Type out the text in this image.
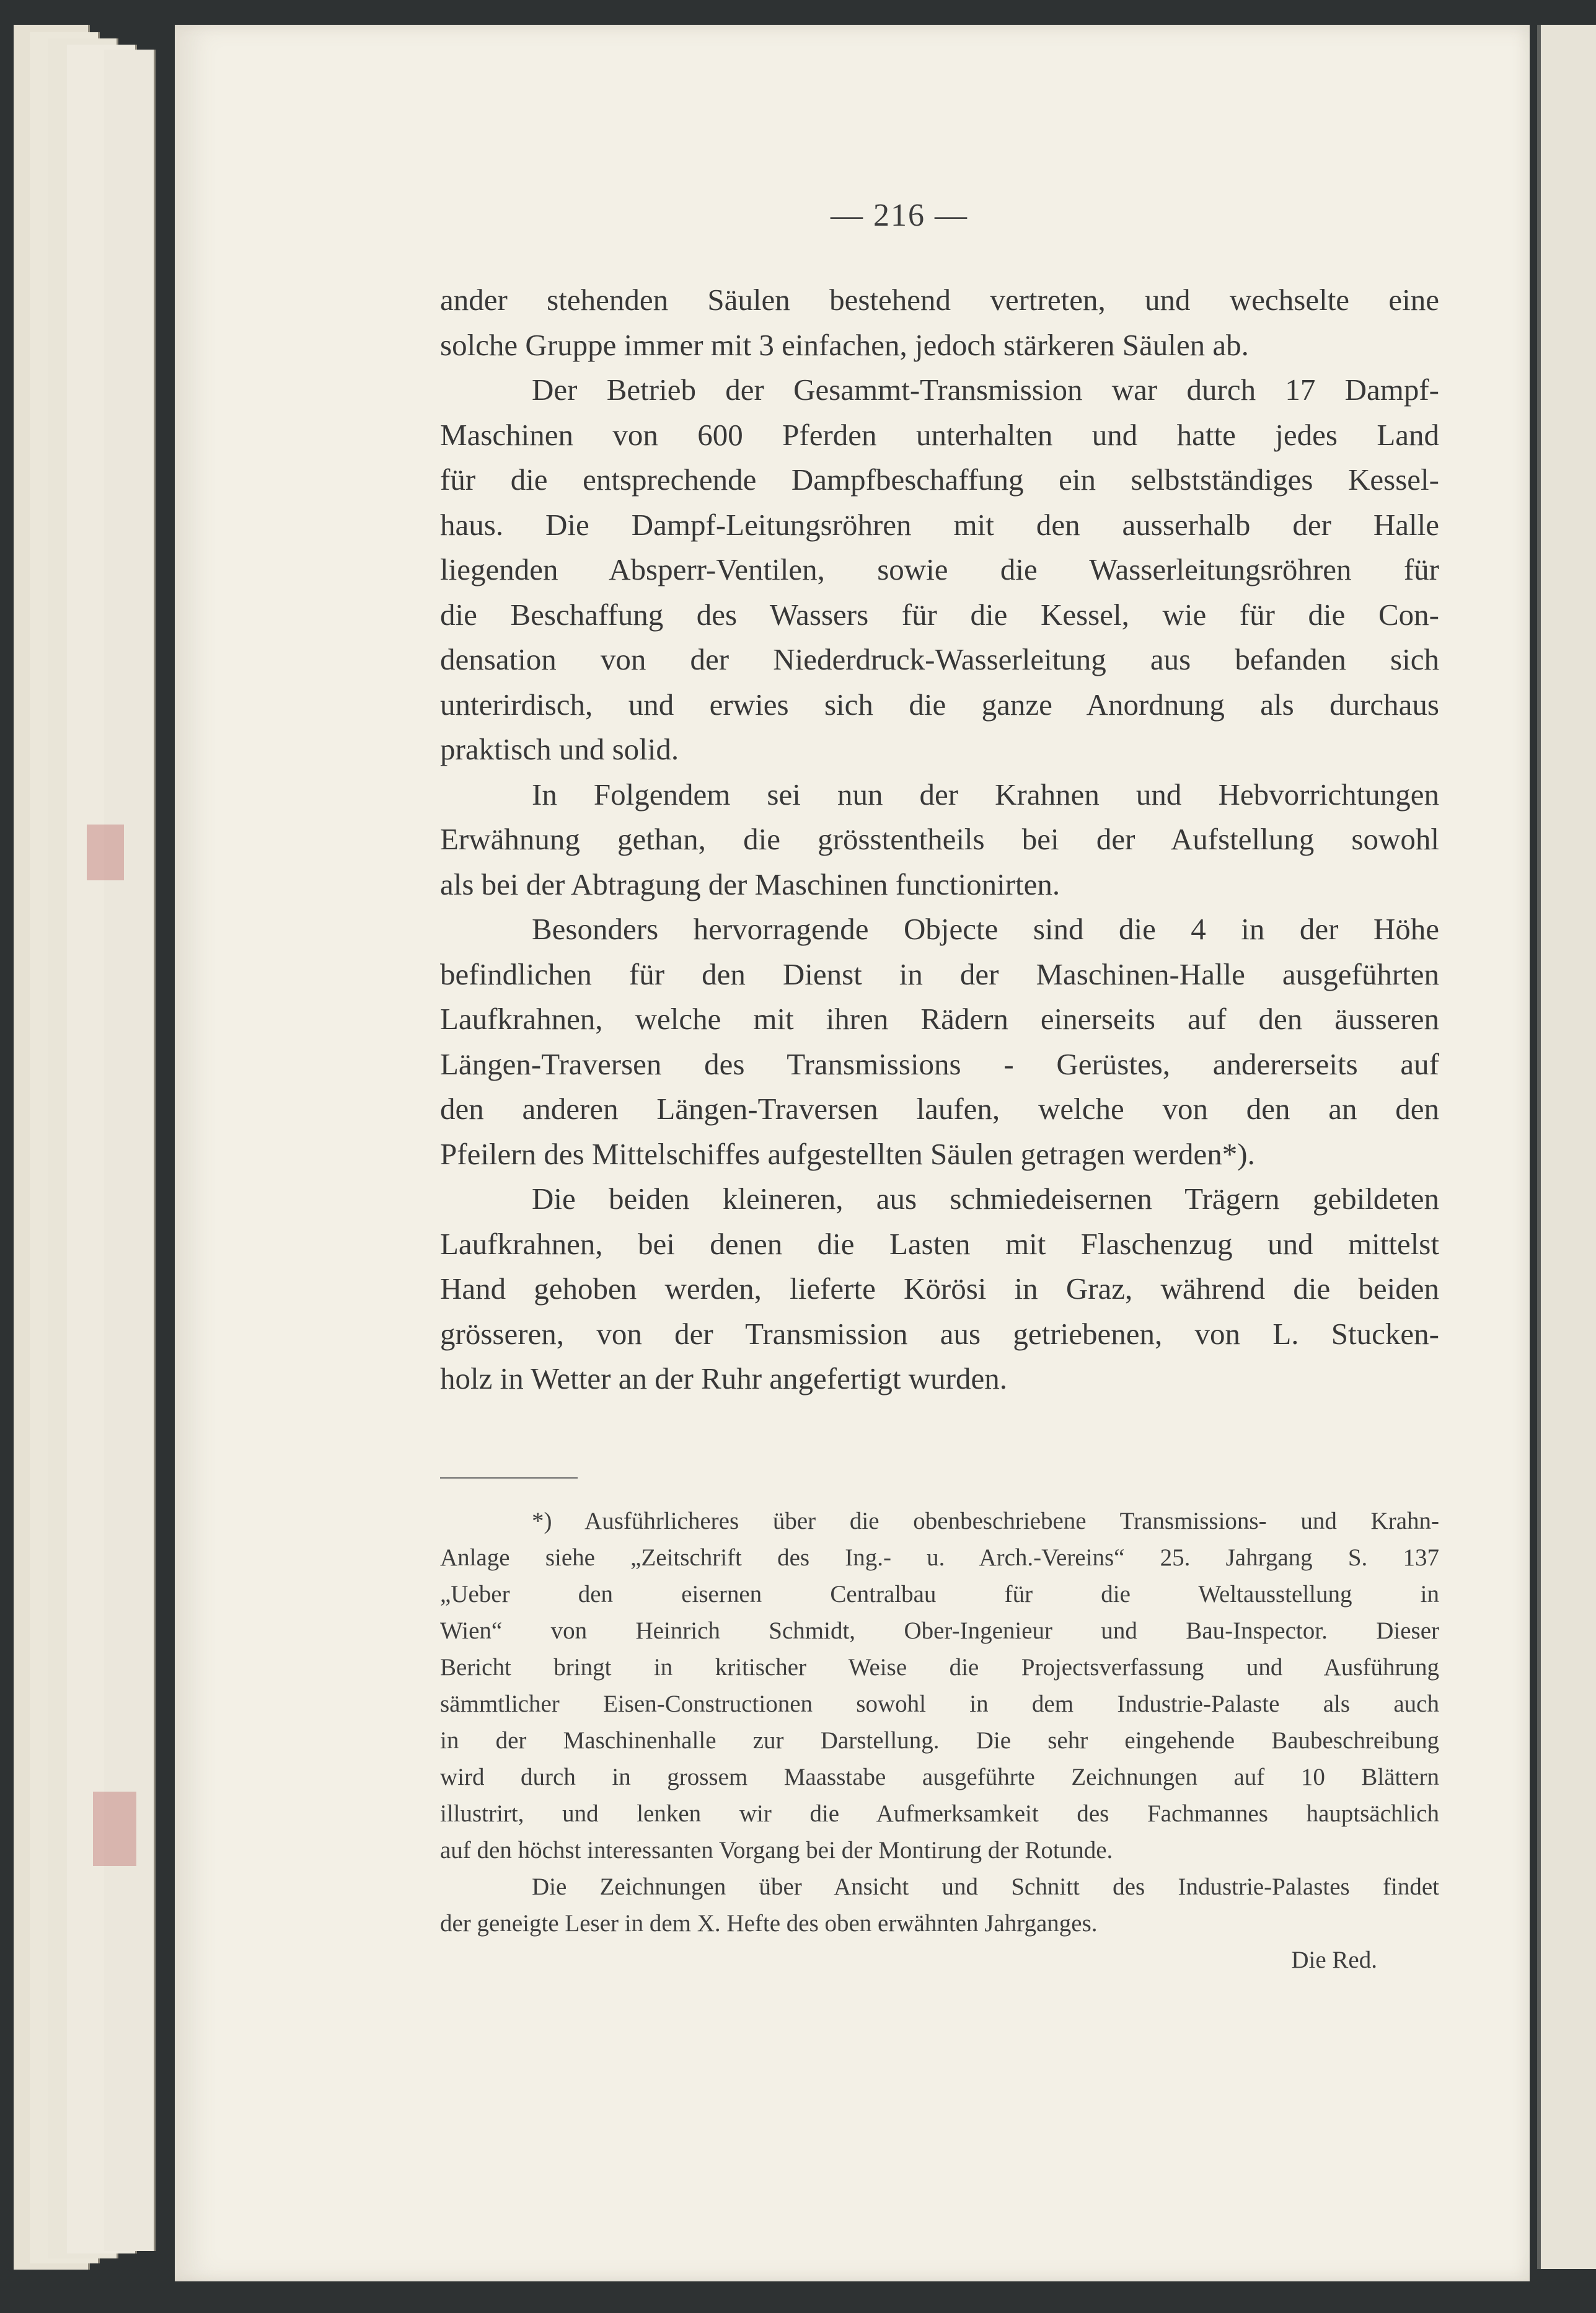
— 216 —
ander stehenden Säulen bestehend vertreten, und wechselte eine
solche Gruppe immer mit 3 einfachen, jedoch stärkeren Säulen ab.
Der Betrieb der Gesammt-Transmission war durch 17 Dampf-
Maschinen von 600 Pferden unterhalten und hatte jedes Land
für die entsprechende Dampfbeschaffung ein selbstständiges Kessel-
haus. Die Dampf-Leitungsröhren mit den ausserhalb der Halle
liegenden Absperr-Ventilen, sowie die Wasserleitungsröhren für
die Beschaffung des Wassers für die Kessel, wie für die Con-
densation von der Niederdruck-Wasserleitung aus befanden sich
unterirdisch, und erwies sich die ganze Anordnung als durchaus
praktisch und solid.
In Folgendem sei nun der Krahnen und Hebvorrichtungen
Erwähnung gethan, die grösstentheils bei der Aufstellung sowohl
als bei der Abtragung der Maschinen functionirten.
Besonders hervorragende Objecte sind die 4 in der Höhe
befindlichen für den Dienst in der Maschinen-Halle ausgeführten
Laufkrahnen, welche mit ihren Rädern einerseits auf den äusseren
Längen-Traversen des Transmissions - Gerüstes, andererseits auf
den anderen Längen-Traversen laufen, welche von den an den
Pfeilern des Mittelschiffes aufgestellten Säulen getragen werden*).
Die beiden kleineren, aus schmiedeisernen Trägern gebildeten
Laufkrahnen, bei denen die Lasten mit Flaschenzug und mittelst
Hand gehoben werden, lieferte Körösi in Graz, während die beiden
grösseren, von der Transmission aus getriebenen, von L. Stucken-
holz in Wetter an der Ruhr angefertigt wurden.
*) Ausführlicheres über die obenbeschriebene Transmissions- und Krahn-
Anlage siehe „Zeitschrift des Ing.- u. Arch.-Vereins“ 25. Jahrgang S. 137
„Ueber den eisernen Centralbau für die Weltausstellung in
Wien“ von Heinrich Schmidt, Ober-Ingenieur und Bau-Inspector. Dieser
Bericht bringt in kritischer Weise die Projectsverfassung und Ausführung
sämmtlicher Eisen-Constructionen sowohl in dem Industrie-Palaste als auch
in der Maschinenhalle zur Darstellung. Die sehr eingehende Baubeschreibung
wird durch in grossem Maasstabe ausgeführte Zeichnungen auf 10 Blättern
illustrirt, und lenken wir die Aufmerksamkeit des Fachmannes hauptsächlich
auf den höchst interessanten Vorgang bei der Montirung der Rotunde.
Die Zeichnungen über Ansicht und Schnitt des Industrie-Palastes findet
der geneigte Leser in dem X. Hefte des oben erwähnten Jahrganges.
Die Red.
